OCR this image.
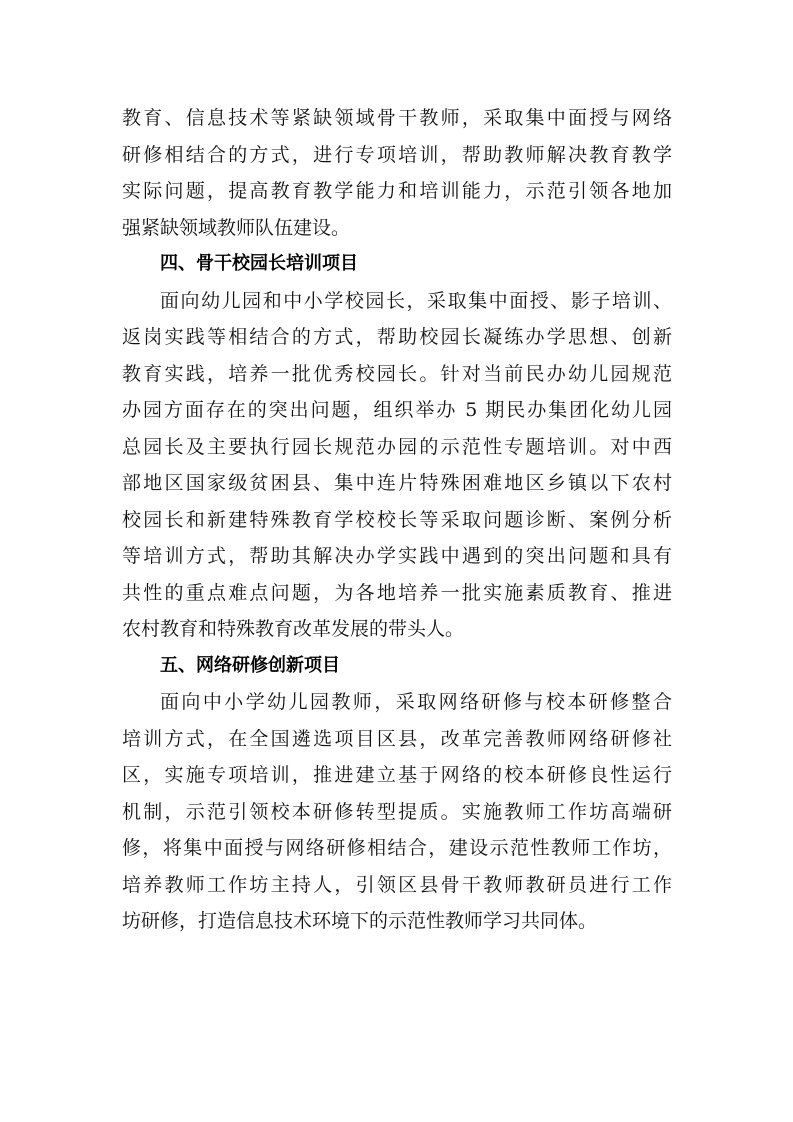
教育、信息技术等紧缺领域骨干教师，采取集中面授与网络
研修相结合的方式，进行专项培训，帮助教师解决教育教学
实际问题，提高教育教学能力和培训能力，示范引领各地加
强紧缺领域教师队伍建设。
四、骨干校园长培训项目
面向幼儿园和中小学校园长，采取集中面授、影子培训、
返岗实践等相结合的方式，帮助校园长凝练办学思想、创新
教育实践，培养一批优秀校园长。针对当前民办幼儿园规范
办园方面存在的突出问题，组织举办 5 期民办集团化幼儿园
总园长及主要执行园长规范办园的示范性专题培训。对中西
部地区国家级贫困县、集中连片特殊困难地区乡镇以下农村
校园长和新建特殊教育学校校长等采取问题诊断、案例分析
等培训方式，帮助其解决办学实践中遇到的突出问题和具有
共性的重点难点问题，为各地培养一批实施素质教育、推进
农村教育和特殊教育改革发展的带头人。
五、网络研修创新项目
面向中小学幼儿园教师，采取网络研修与校本研修整合
培训方式，在全国遴选项目区县，改革完善教师网络研修社
区，实施专项培训，推进建立基于网络的校本研修良性运行
机制，示范引领校本研修转型提质。实施教师工作坊高端研
修，将集中面授与网络研修相结合，建设示范性教师工作坊，
培养教师工作坊主持人，引领区县骨干教师教研员进行工作
坊研修，打造信息技术环境下的示范性教师学习共同体。
